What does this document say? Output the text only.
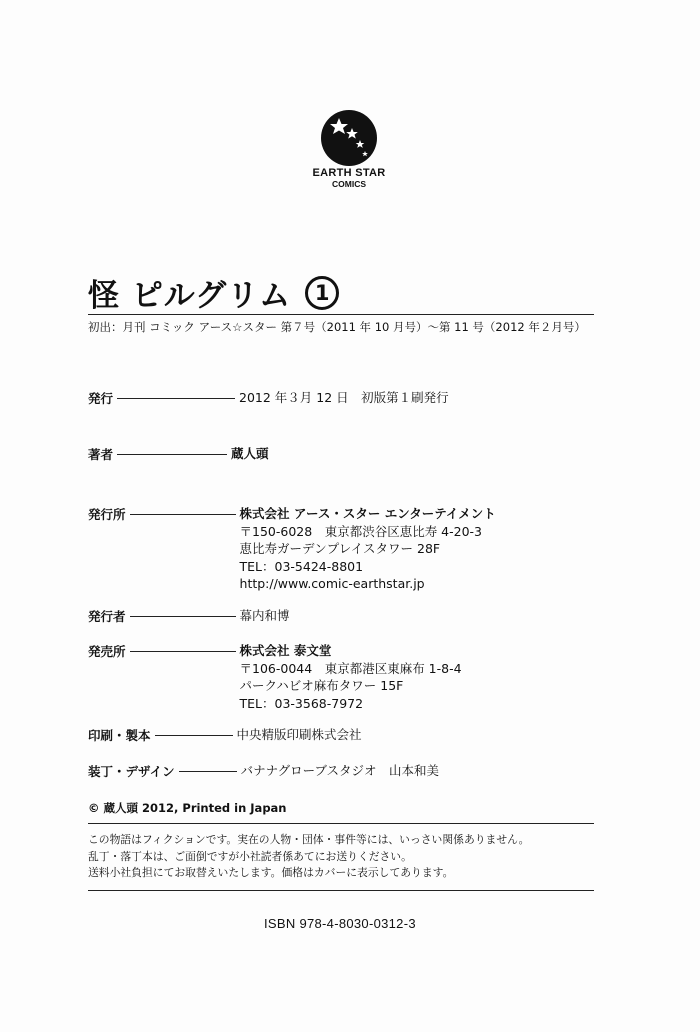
EARTH STAR
COMICS
怪 ピルグリム	1
初出：月刊 コミック アース☆スター 第７号（2011 年 10 月号）～第 11 号（2012 年２月号）
発行	2012 年３月 12 日　初版第１刷発行
著者	蔵人頭
発行所	株式会社 アース・スター エンターテイメント
〒150-6028　東京都渋谷区恵比寿 4-20-3
恵比寿ガーデンプレイスタワー 28F
TEL：03-5424-8801
http://www.comic-earthstar.jp
発行者	幕内和博
発売所	株式会社 泰文堂
〒106-0044　東京都港区東麻布 1-8-4
パークハビオ麻布タワー 15F
TEL：03-3568-7972
印刷・製本	中央精版印刷株式会社
装丁・デザイン	バナナグローブスタジオ　山本和美
© 蔵人頭 2012, Printed in Japan
この物語はフィクションです。実在の人物・団体・事件等には、いっさい関係ありません。
乱丁・落丁本は、ご面倒ですが小社読者係あてにお送りください。
送料小社負担にてお取替えいたします。価格はカバーに表示してあります。
ISBN 978-4-8030-0312-3
